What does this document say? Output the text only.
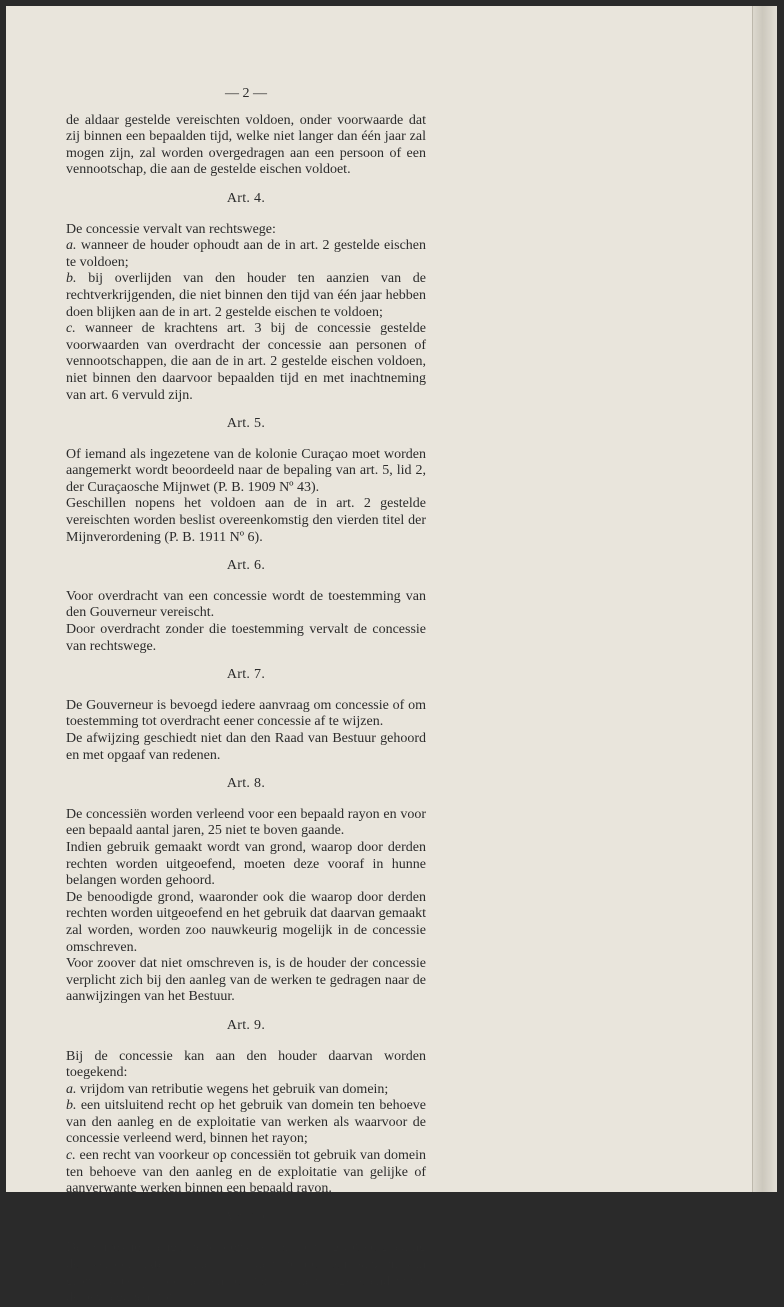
— 2 —

de aldaar gestelde vereischten voldoen, onder voorwaarde dat zij binnen een bepaalden tijd, welke niet langer dan één jaar zal mogen zijn, zal worden overgedragen aan een persoon of een vennootschap, die aan de gestelde eischen voldoet.

Art. 4.

De concessie vervalt van rechtswege:

a. wanneer de houder ophoudt aan de in art. 2 gestelde eischen te voldoen;

b. bij overlijden van den houder ten aanzien van de rechtverkrijgenden, die niet binnen den tijd van één jaar hebben doen blijken aan de in art. 2 gestelde eischen te voldoen;

c. wanneer de krachtens art. 3 bij de concessie gestelde voorwaarden van overdracht der concessie aan personen of vennootschappen, die aan de in art. 2 gestelde eischen voldoen, niet binnen den daarvoor bepaalden tijd en met inachtneming van art. 6 vervuld zijn.

Art. 5.

Of iemand als ingezetene van de kolonie Curaçao moet worden aangemerkt wordt beoordeeld naar de bepaling van art. 5, lid 2, der Curaçaosche Mijnwet (P. B. 1909 Nº 43).

Geschillen nopens het voldoen aan de in art. 2 gestelde vereischten worden beslist overeenkomstig den vierden titel der Mijnverordening (P. B. 1911 Nº 6).

Art. 6.

Voor overdracht van een concessie wordt de toestemming van den Gouverneur vereischt.

Door overdracht zonder die toestemming vervalt de concessie van rechtswege.

Art. 7.

De Gouverneur is bevoegd iedere aanvraag om concessie of om toestemming tot overdracht eener concessie af te wijzen.

De afwijzing geschiedt niet dan den Raad van Bestuur gehoord en met opgaaf van redenen.

Art. 8.

De concessiën worden verleend voor een bepaald rayon en voor een bepaald aantal jaren, 25 niet te boven gaande.

Indien gebruik gemaakt wordt van grond, waarop door derden rechten worden uitgeoefend, moeten deze vooraf in hunne belangen worden gehoord.

De benoodigde grond, waaronder ook die waarop door derden rechten worden uitgeoefend en het gebruik dat daarvan gemaakt zal worden, worden zoo nauwkeurig mogelijk in de concessie omschreven.

Voor zoover dat niet omschreven is, is de houder der concessie verplicht zich bij den aanleg van de werken te gedragen naar de aanwijzingen van het Bestuur.

Art. 9.

Bij de concessie kan aan den houder daarvan worden toegekend:

a. vrijdom van retributie wegens het gebruik van domein;

b. een uitsluitend recht op het gebruik van domein ten behoeve van den aanleg en de exploitatie van werken als waarvoor de concessie verleend werd, binnen het rayon;

c. een recht van voorkeur op concessiën tot gebruik van domein ten behoeve van den aanleg en de exploitatie van gelijke of aanverwante werken binnen een bepaald rayon.

Art. 10.

De concessie brengt, behoudens de verplichting tot vergoeding der veroorzaakte schade, voor den houder ten aanzien van grond, waarop door derden rechten worden uitgeoefend mede de bevoegdheid tot:
